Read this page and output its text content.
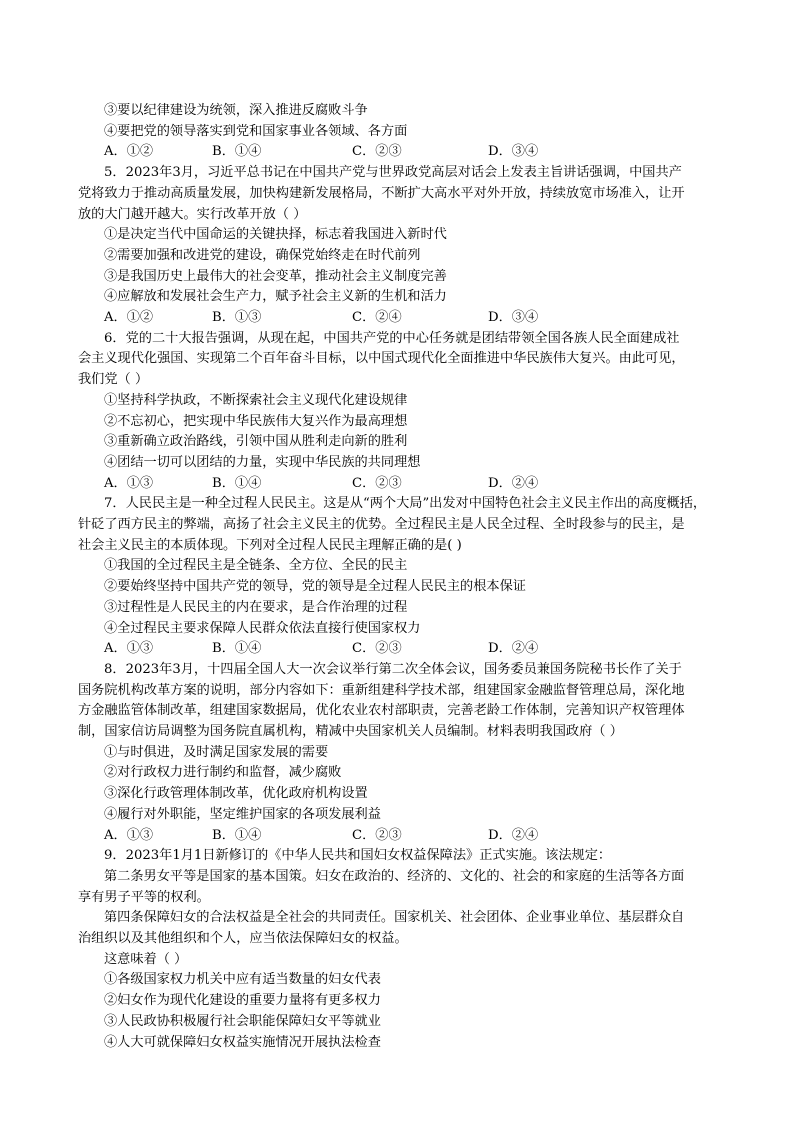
③要以纪律建设为统领，深入推进反腐败斗争
④要把党的领导落实到党和国家事业各领域、各方面
A．①②	B．①④	C．②③	D．③④
5．2023年3月，习近平总书记在中国共产党与世界政党高层对话会上发表主旨讲话强调，中国共产
党将致力于推动高质量发展，加快构建新发展格局，不断扩大高水平对外开放，持续放宽市场准入，让开
放的大门越开越大。实行改革开放（ ）
①是决定当代中国命运的关键抉择，标志着我国进入新时代
②需要加强和改进党的建设，确保党始终走在时代前列
③是我国历史上最伟大的社会变革，推动社会主义制度完善
④应解放和发展社会生产力，赋予社会主义新的生机和活力
A．①②	B．①③	C．②④	D．③④
6．党的二十大报告强调，从现在起，中国共产党的中心任务就是团结带领全国各族人民全面建成社
会主义现代化强国、实现第二个百年奋斗目标，以中国式现代化全面推进中华民族伟大复兴。由此可见，
我们党（ ）
①坚持科学执政，不断探索社会主义现代化建设规律
②不忘初心，把实现中华民族伟大复兴作为最高理想
③重新确立政治路线，引领中国从胜利走向新的胜利
④团结一切可以团结的力量，实现中华民族的共同理想
A．①③	B．①④	C．②③	D．②④
7．人民民主是一种全过程人民民主。这是从“两个大局”出发对中国特色社会主义民主作出的高度概括，
针砭了西方民主的弊端，高扬了社会主义民主的优势。全过程民主是人民全过程、全时段参与的民主，是
社会主义民主的本质体现。下列对全过程人民民主理解正确的是( )
①我国的全过程民主是全链条、全方位、全民的民主
②要始终坚持中国共产党的领导，党的领导是全过程人民民主的根本保证
③过程性是人民民主的内在要求，是合作治理的过程
④全过程民主要求保障人民群众依法直接行使国家权力
A．①③	B．①④	C．②③	D．②④
8．2023年3月，十四届全国人大一次会议举行第二次全体会议，国务委员兼国务院秘书长作了关于
国务院机构改革方案的说明，部分内容如下：重新组建科学技术部，组建国家金融监督管理总局，深化地
方金融监管体制改革，组建国家数据局，优化农业农村部职责，完善老龄工作体制，完善知识产权管理体
制，国家信访局调整为国务院直属机构，精减中央国家机关人员编制。材料表明我国政府（ ）
①与时俱进，及时满足国家发展的需要
②对行政权力进行制约和监督，减少腐败
③深化行政管理体制改革，优化政府机构设置
④履行对外职能，坚定维护国家的各项发展利益
A．①③	B．①④	C．②③	D．②④
9．2023年1月1日新修订的《中华人民共和国妇女权益保障法》正式实施。该法规定：
第二条男女平等是国家的基本国策。妇女在政治的、经济的、文化的、社会的和家庭的生活等各方面
享有男子平等的权利。
第四条保障妇女的合法权益是全社会的共同责任。国家机关、社会团体、企业事业单位、基层群众自
治组织以及其他组织和个人，应当依法保障妇女的权益。
这意味着（ ）
①各级国家权力机关中应有适当数量的妇女代表
②妇女作为现代化建设的重要力量将有更多权力
③人民政协积极履行社会职能保障妇女平等就业
④人大可就保障妇女权益实施情况开展执法检查
